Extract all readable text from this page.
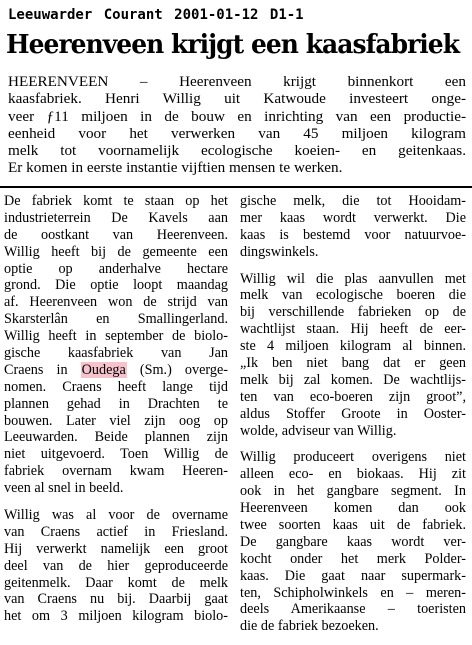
Leeuwarder Courant 2001-01-12 D1-1
Heerenveen krijgt een kaasfabriek
HEERENVEEN – Heerenveen krijgt binnenkort een
kaasfabriek. Henri Willig uit Katwoude investeert onge-
veer ƒ11 miljoen in de bouw en inrichting van een productie-
eenheid voor het verwerken van 45 miljoen kilogram
melk tot voornamelijk ecologische koeien- en geitenkaas.
Er komen in eerste instantie vijftien mensen te werken.
De fabriek komt te staan op het
industrieterrein De Kavels aan
de oostkant van Heerenveen.
Willig heeft bij de gemeente een
optie op anderhalve hectare
grond. Die optie loopt maandag
af. Heerenveen won de strijd van
Skarsterlân en Smallingerland.
Willig heeft in september de biolo-
gische kaasfabriek van Jan
Craens in Oudega (Sm.) overge-
nomen. Craens heeft lange tijd
plannen gehad in Drachten te
bouwen. Later viel zijn oog op
Leeuwarden. Beide plannen zijn
niet uitgevoerd. Toen Willig de
fabriek overnam kwam Heeren-
veen al snel in beeld.
Willig was al voor de overname
van Craens actief in Friesland.
Hij verwerkt namelijk een groot
deel van de hier geproduceerde
geitenmelk. Daar komt de melk
van Craens nu bij. Daarbij gaat
het om 3 miljoen kilogram biolo-
gische melk, die tot Hooidam-
mer kaas wordt verwerkt. Die
kaas is bestemd voor natuurvoe-
dingswinkels.
Willig wil die plas aanvullen met
melk van ecologische boeren die
bij verschillende fabrieken op de
wachtlijst staan. Hij heeft de eer-
ste 4 miljoen kilogram al binnen.
„Ik ben niet bang dat er geen
melk bij zal komen. De wachtlijs-
ten van eco-boeren zijn groot”,
aldus Stoffer Groote in Ooster-
wolde, adviseur van Willig.
Willig produceert overigens niet
alleen eco- en biokaas. Hij zit
ook in het gangbare segment. In
Heerenveen komen dan ook
twee soorten kaas uit de fabriek.
De gangbare kaas wordt ver-
kocht onder het merk Polder-
kaas. Die gaat naar supermark-
ten, Schipholwinkels en – meren-
deels Amerikaanse – toeristen
die de fabriek bezoeken.
